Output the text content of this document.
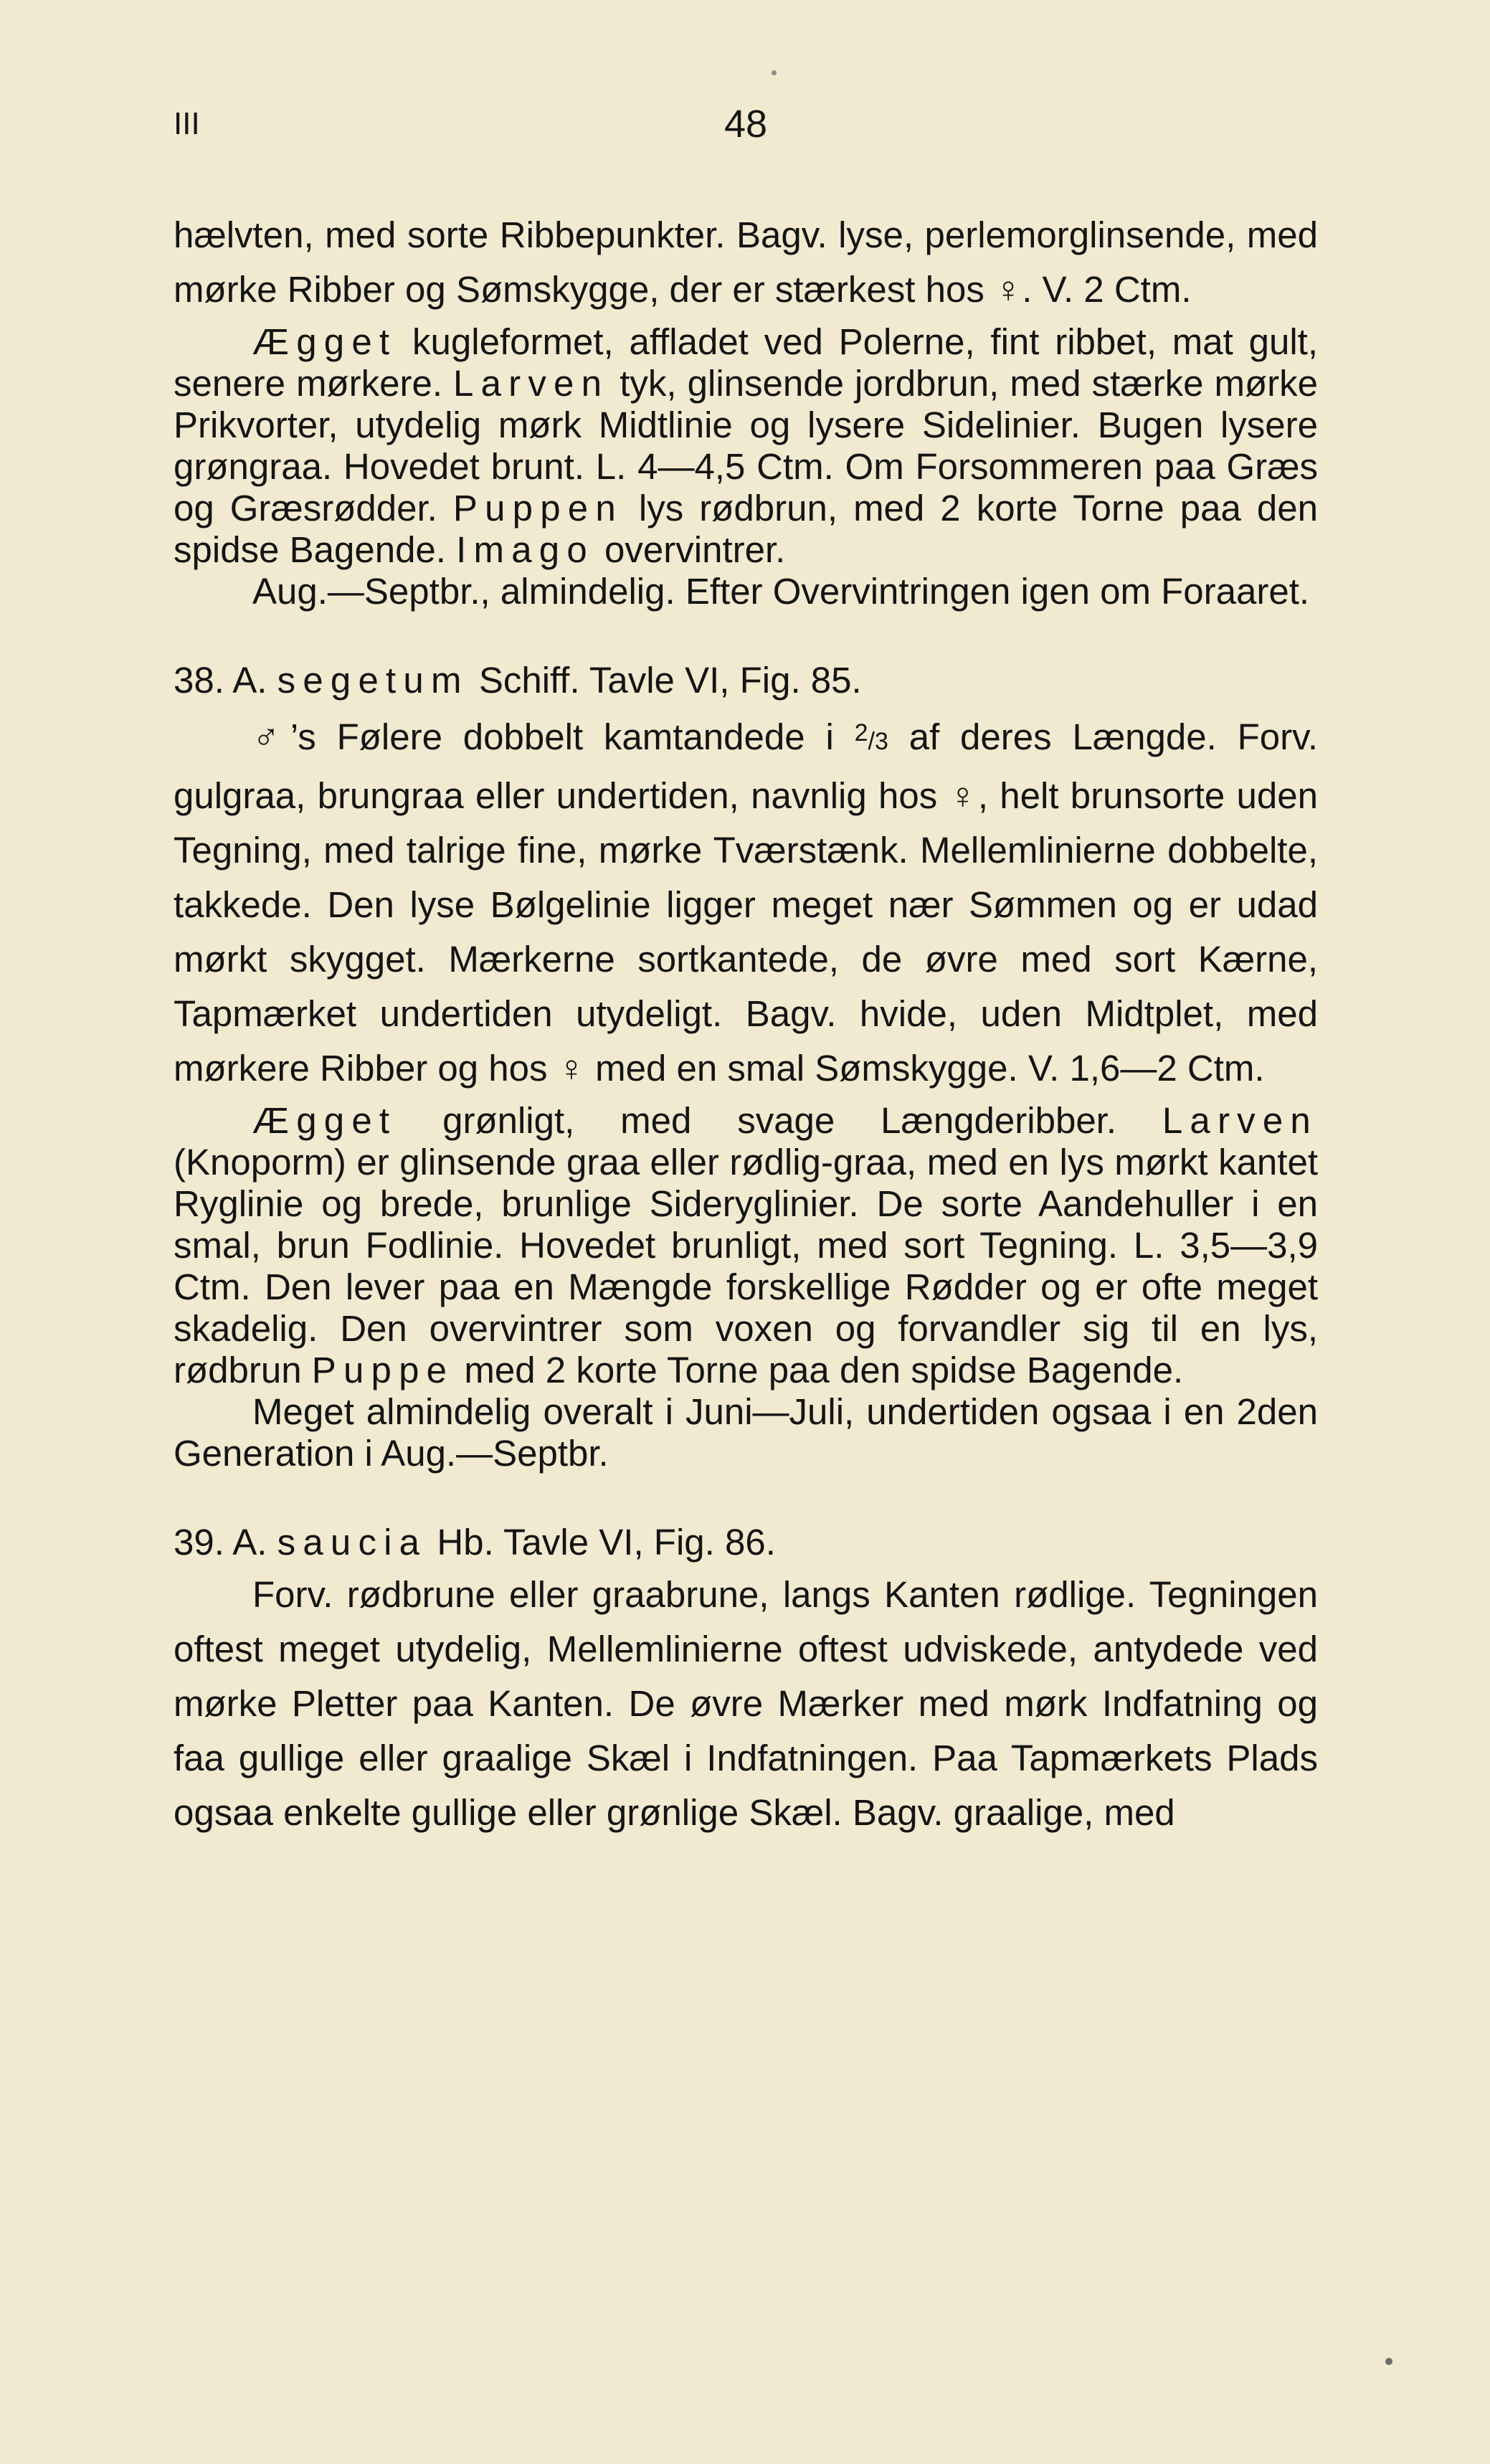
III	48

hælvten, med sorte Ribbepunkter. Bagv. lyse, perlemorglinsende, med mørke Ribber og Sømskygge, der er stærkest hos ♀. V. 2 Ctm.

Ægget kugleformet, affladet ved Polerne, fint ribbet, mat gult, senere mørkere. Larven tyk, glinsende jordbrun, med stærke mørke Prikvorter, utydelig mørk Midtlinie og lysere Sidelinier. Bugen lysere grøngraa. Hovedet brunt. L. 4—4,5 Ctm. Om Forsommeren paa Græs og Græsrødder. Puppen lys rødbrun, med 2 korte Torne paa den spidse Bagende. Imago overvintrer.

Aug.—Septbr., almindelig. Efter Overvintringen igen om Foraaret.

38. A. segetum Schiff. Tavle VI, Fig. 85.

♂’s Følere dobbelt kamtandede i $^2$/3 af deres Længde. Forv. gulgraa, brungraa eller undertiden, navnlig hos ♀, helt brunsorte uden Tegning, med talrige fine, mørke Tværstænk. Mellemlinierne dobbelte, takkede. Den lyse Bølgelinie ligger meget nær Sømmen og er udad mørkt skygget. Mærkerne sortkantede, de øvre med sort Kærne, Tapmærket undertiden utydeligt. Bagv. hvide, uden Midtplet, med mørkere Ribber og hos ♀ med en smal Sømskygge. V. 1,6—2 Ctm.

Ægget grønligt, med svage Længderibber. Larven (Knoporm) er glinsende graa eller rødlig-graa, med en lys mørkt kantet Ryglinie og brede, brunlige Sideryglinier. De sorte Aandehuller i en smal, brun Fodlinie. Hovedet brunligt, med sort Tegning. L. 3,5—3,9 Ctm. Den lever paa en Mængde forskellige Rødder og er ofte meget skadelig. Den overvintrer som voxen og forvandler sig til en lys, rødbrun Puppe med 2 korte Torne paa den spidse Bagende.

Meget almindelig overalt i Juni—Juli, undertiden ogsaa i en 2den Generation i Aug.—Septbr.

39. A. saucia Hb. Tavle VI, Fig. 86.

Forv. rødbrune eller graabrune, langs Kanten rødlige. Tegningen oftest meget utydelig, Mellemlinierne oftest udviskede, antydede ved mørke Pletter paa Kanten. De øvre Mærker med mørk Indfatning og faa gullige eller graalige Skæl i Indfatningen. Paa Tapmærkets Plads ogsaa enkelte gullige eller grønlige Skæl. Bagv. graalige, med
